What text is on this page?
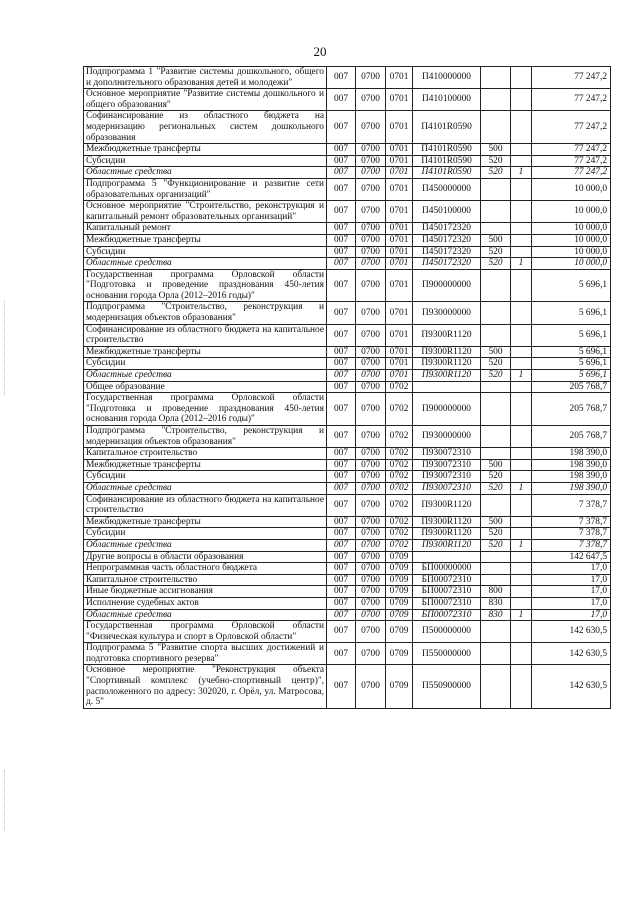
20
Подпрограмма 1 "Развитие системы дошкольного, общего и дополнительного образования детей и молодежи"	007	0700	0701	П410000000			77 247,2
Основное мероприятие "Развитие системы дошкольного и общего образования"	007	0700	0701	П410100000			77 247,2
Софинансирование из областного бюджета на модернизацию региональных систем дошкольного образования	007	0700	0701	П4101R0590			77 247,2
Межбюджетные трансферты	007	0700	0701	П4101R0590	500		77 247,2
Субсидии	007	0700	0701	П4101R0590	520		77 247,2
Областные средства	007	0700	0701	П4101R0590	520	1	77 247,2
Подпрограмма 5 "Функционирование и развитие сети образовательных организаций"	007	0700	0701	П450000000			10 000,0
Основное мероприятие "Строительство, реконструкция и капитальный ремонт образовательных организаций"	007	0700	0701	П450100000			10 000,0
Капитальный ремонт	007	0700	0701	П450172320			10 000,0
Межбюджетные трансферты	007	0700	0701	П450172320	500		10 000,0
Субсидии	007	0700	0701	П450172320	520		10 000,0
Областные средства	007	0700	0701	П450172320	520	1	10 000,0
Государственная программа Орловской области "Подготовка и проведение празднования 450-летия основания города Орла (2012–2016 годы)"	007	0700	0701	П900000000			5 696,1
Подпрограмма "Строительство, реконструкция и модернизация объектов образования"	007	0700	0701	П930000000			5 696,1
Софинансирование из областного бюджета на капитальное строительство	007	0700	0701	П9300R1120			5 696,1
Межбюджетные трансферты	007	0700	0701	П9300R1120	500		5 696,1
Субсидии	007	0700	0701	П9300R1120	520		5 696,1
Областные средства	007	0700	0701	П9300R1120	520	1	5 696,1
Общее образование	007	0700	0702				205 768,7
Государственная программа Орловской области "Подготовка и проведение празднования 450-летия основания города Орла (2012–2016 годы)"	007	0700	0702	П900000000			205 768,7
Подпрограмма "Строительство, реконструкция и модернизация объектов образования"	007	0700	0702	П930000000			205 768,7
Капитальное строительство	007	0700	0702	П930072310			198 390,0
Межбюджетные трансферты	007	0700	0702	П930072310	500		198 390,0
Субсидии	007	0700	0702	П930072310	520		198 390,0
Областные средства	007	0700	0702	П930072310	520	1	198 390,0
Софинансирование из областного бюджета на капитальное строительство	007	0700	0702	П9300R1120			7 378,7
Межбюджетные трансферты	007	0700	0702	П9300R1120	500		7 378,7
Субсидии	007	0700	0702	П9300R1120	520		7 378,7
Областные средства	007	0700	0702	П9300R1120	520	1	7 378,7
Другие вопросы в области образования	007	0700	0709				142 647,5
Непрограммная часть областного бюджета	007	0700	0709	БП00000000			17,0
Капитальное строительство	007	0700	0709	БП00072310			17,0
Иные бюджетные ассигнования	007	0700	0709	БП00072310	800		17,0
Исполнение судебных актов	007	0700	0709	БП00072310	830		17,0
Областные средства	007	0700	0709	БП00072310	830	1	17,0
Государственная программа Орловской области "Физическая культура и спорт в Орловской области"	007	0700	0709	П500000000			142 630,5
Подпрограмма 5 "Развитие спорта высших достижений и подготовка спортивного резерва"	007	0700	0709	П550000000			142 630,5
Основное мероприятие "Реконструкция объекта "Спортивный комплекс (учебно-спортивный центр)", расположенного по адресу: 302020, г. Орёл, ул. Матросова, д. 5"	007	0700	0709	П550900000			142 630,5
